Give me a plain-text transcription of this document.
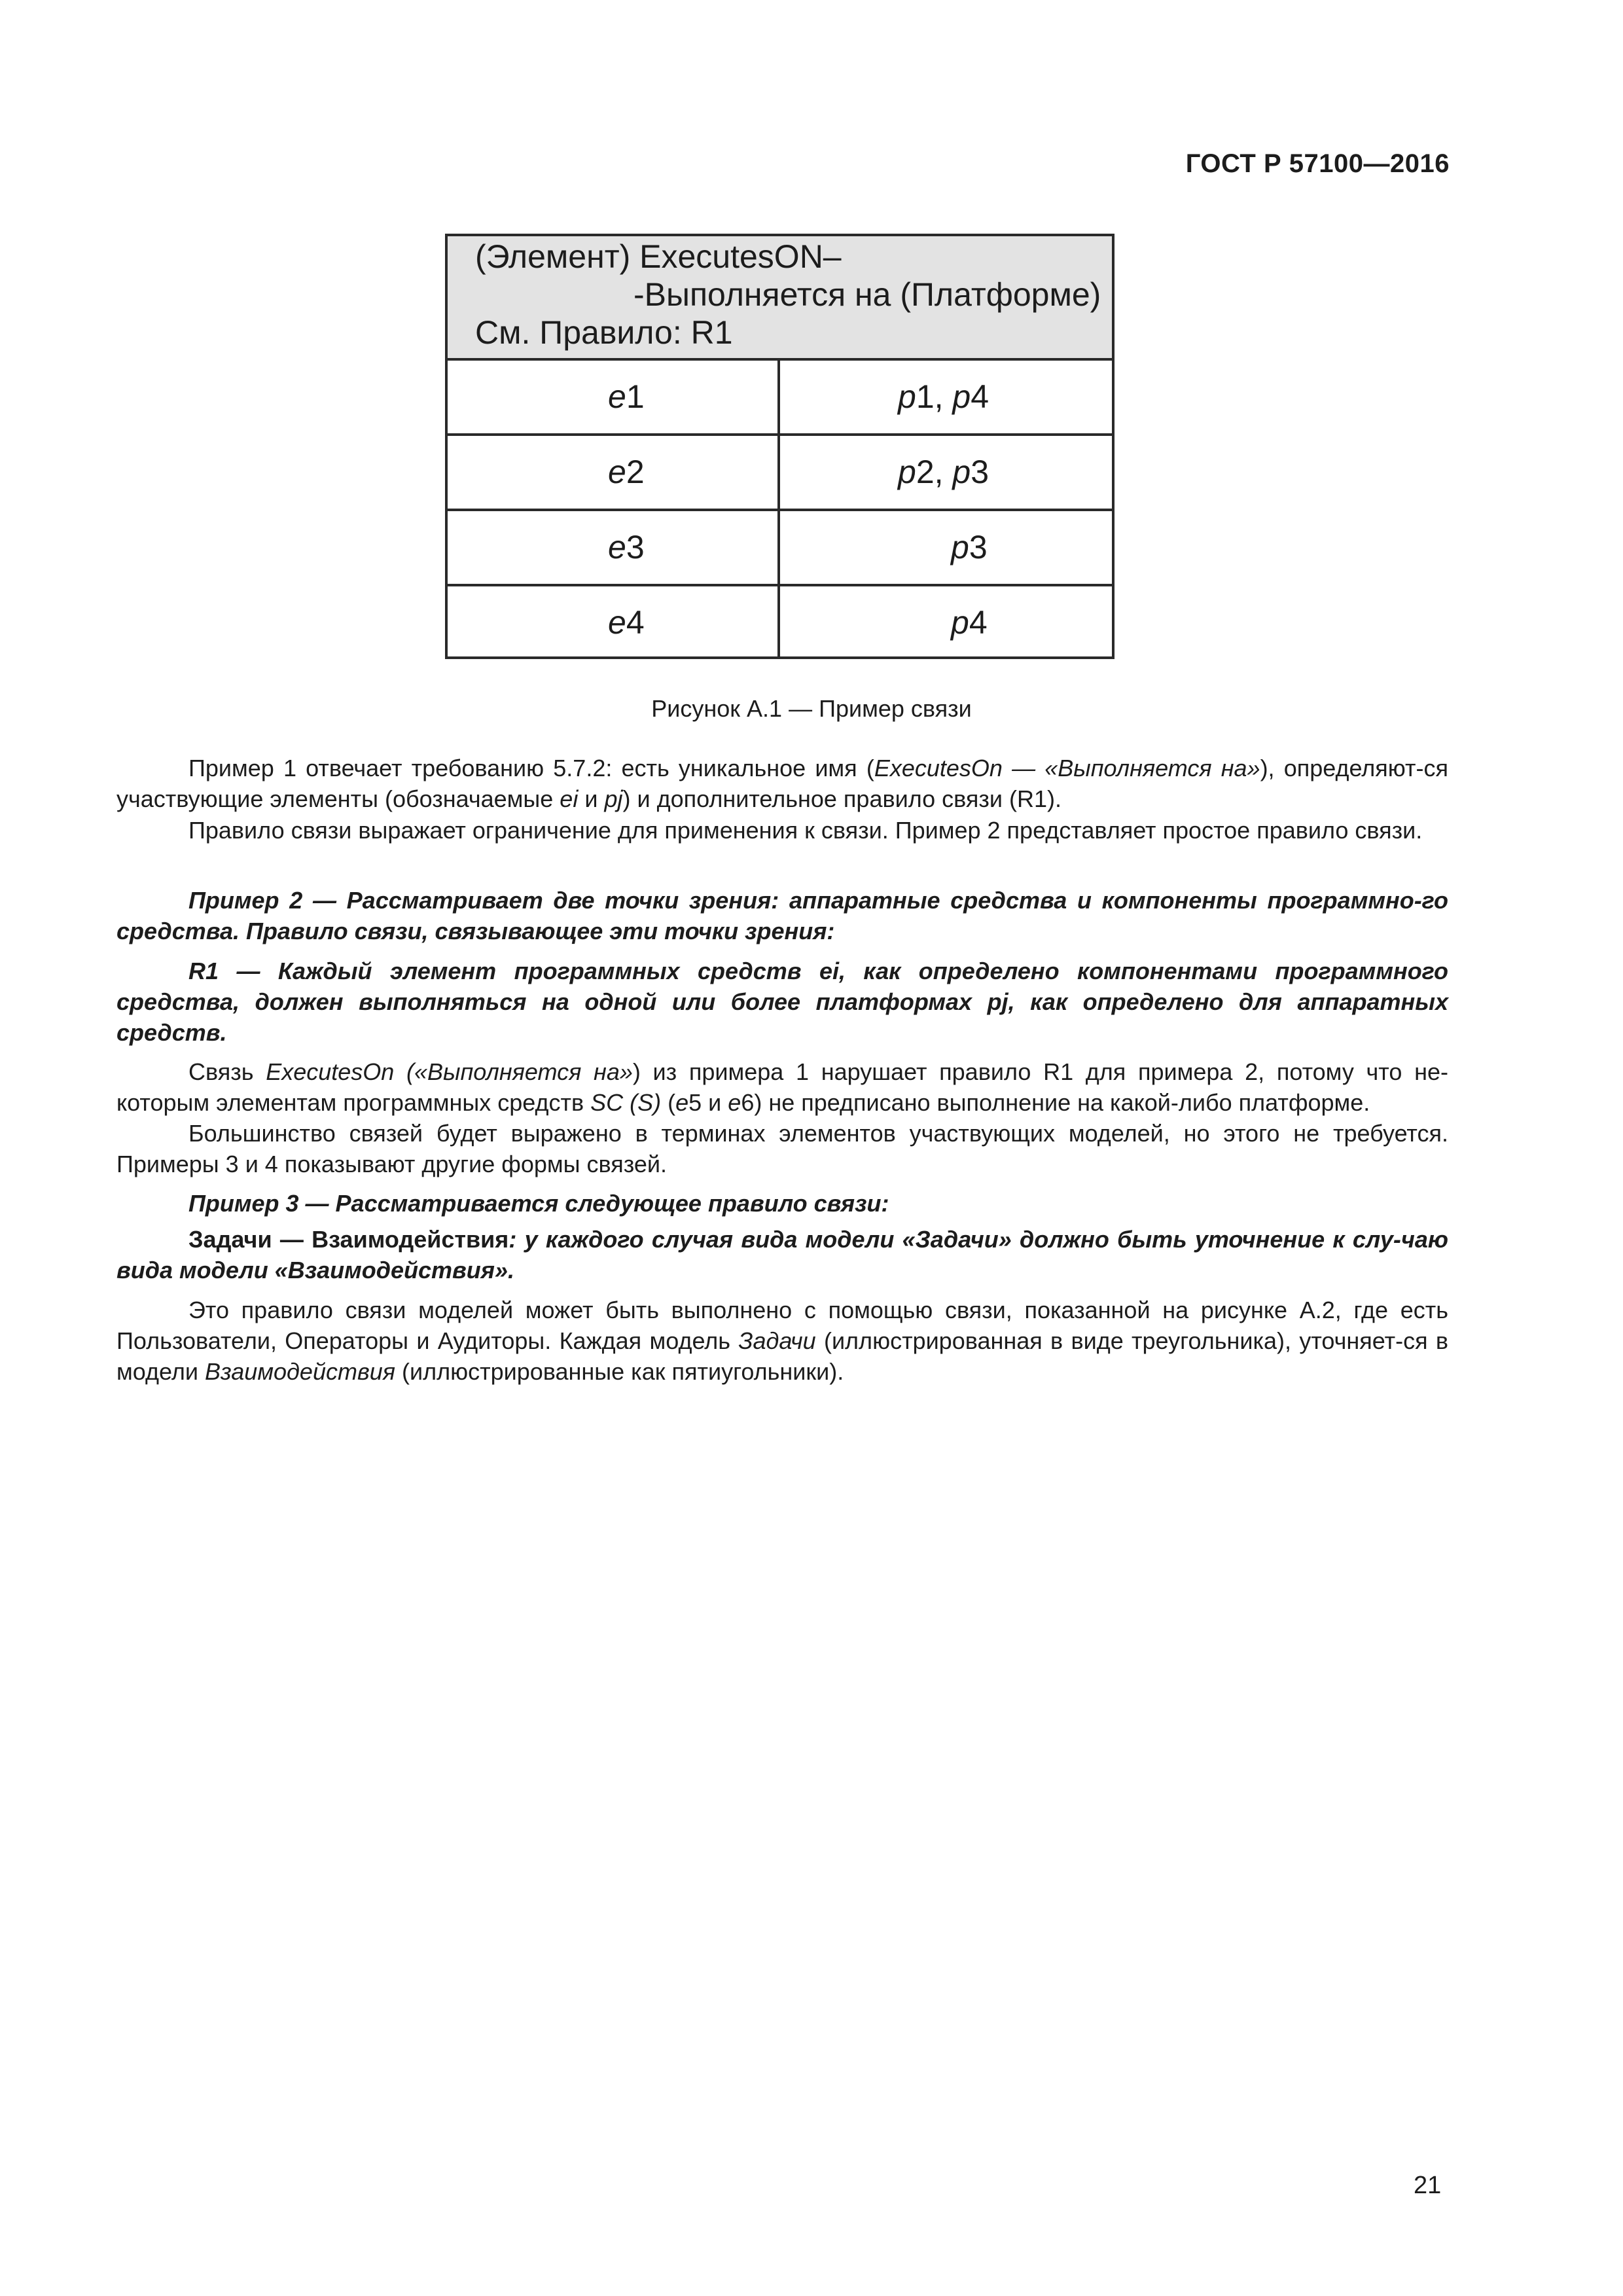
ГОСТ Р 57100—2016
(Элемент) ExecutesON–
-Выполняется на (Платформе)
См. Правило: R1
e1	p1, p4
e2	p2, p3
e3	p3
e4	p4
Рисунок А.1 — Пример связи
Пример 1 отвечает требованию 5.7.2: есть уникальное имя (ExecutesOn — «Выполняется на»), определяют-ся участвующие элементы (обозначаемые ei и pj) и дополнительное правило связи (R1).
Правило связи выражает ограничение для применения к связи. Пример 2 представляет простое правило связи.
Пример 2 — Рассматривает две точки зрения: аппаратные средства и компоненты программно-го средства. Правило связи, связывающее эти точки зрения:
R1 — Каждый элемент программных средств ei, как определено компонентами программного средства, должен выполняться на одной или более платформах pj, как определено для аппаратных средств.
Связь ExecutesOn («Выполняется на») из примера 1 нарушает правило R1 для примера 2, потому что не-которым элементам программных средств SC (S) (e5 и e6) не предписано выполнение на какой-либо платформе.
Большинство связей будет выражено в терминах элементов участвующих моделей, но этого не требуется. Примеры 3 и 4 показывают другие формы связей.
Пример 3 — Рассматривается следующее правило связи:
Задачи — Взаимодействия: у каждого случая вида модели «Задачи» должно быть уточнение к слу-чаю вида модели «Взаимодействия».
Это правило связи моделей может быть выполнено с помощью связи, показанной на рисунке А.2, где есть Пользователи, Операторы и Аудиторы. Каждая модель Задачи (иллюстрированная в виде треугольника), уточняет-ся в модели Взаимодействия (иллюстрированные как пятиугольники).
21
